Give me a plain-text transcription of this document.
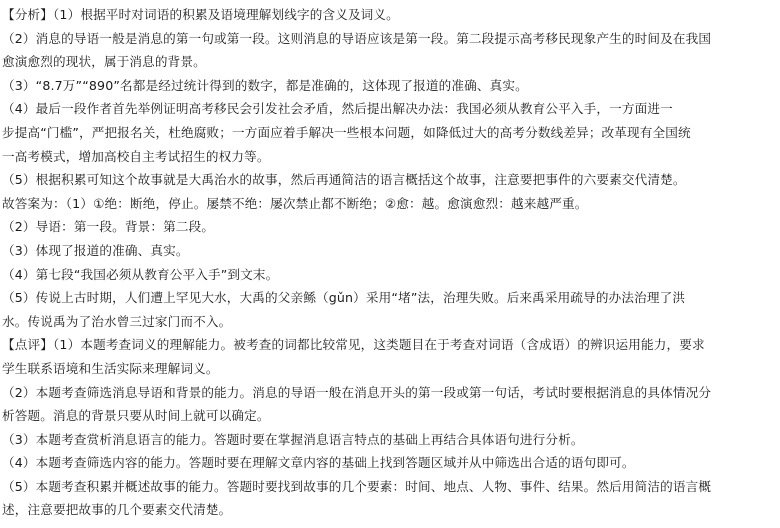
【分析】（1）根据平时对词语的积累及语境理解划线字的含义及词义。
（2）消息的导语一般是消息的第一句或第一段。这则消息的导语应该是第一段。第二段提示高考移民现象产生的时间及在我国
愈演愈烈的现状，属于消息的背景。
（3）“8.7万”“890”名都是经过统计得到的数字，都是准确的，这体现了报道的准确、真实。
（4）最后一段作者首先举例证明高考移民会引发社会矛盾，然后提出解决办法：我国必须从教育公平入手，一方面进一
步提高“门槛”，严把报名关，杜绝腐败；一方面应着手解决一些根本问题，如降低过大的高考分数线差异；改革现有全国统
一高考模式，增加高校自主考试招生的权力等。
（5）根据积累可知这个故事就是大禹治水的故事，然后再通简洁的语言概括这个故事，注意要把事件的六要素交代清楚。
故答案为：（1）①绝：断绝，停止。屡禁不绝：屡次禁止都不断绝；②愈：越。愈演愈烈：越来越严重。
（2）导语：第一段。背景：第二段。
（3）体现了报道的准确、真实。
（4）第七段“我国必须从教育公平入手”到文末。
（5）传说上古时期，人们遭上罕见大水，大禹的父亲鲧（gǔn）采用“堵”法，治理失败。后来禹采用疏导的办法治理了洪
水。传说禹为了治水曾三过家门而不入。
【点评】（1）本题考查词义的理解能力。被考查的词都比较常见，这类题目在于考查对词语（含成语）的辨识运用能力，要求
学生联系语境和生活实际来理解词义。
（2）本题考查筛选消息导语和背景的能力。消息的导语一般在消息开头的第一段或第一句话，考试时要根据消息的具体情况分
析答题。消息的背景只要从时间上就可以确定。
（3）本题考查赏析消息语言的能力。答题时要在掌握消息语言特点的基础上再结合具体语句进行分析。
（4）本题考查筛选内容的能力。答题时要在理解文章内容的基础上找到答题区域并从中筛选出合适的语句即可。
（5）本题考查积累并概述故事的能力。答题时要找到故事的几个要素：时间、地点、人物、事件、结果。然后用简洁的语言概
述，注意要把故事的几个要素交代清楚。
